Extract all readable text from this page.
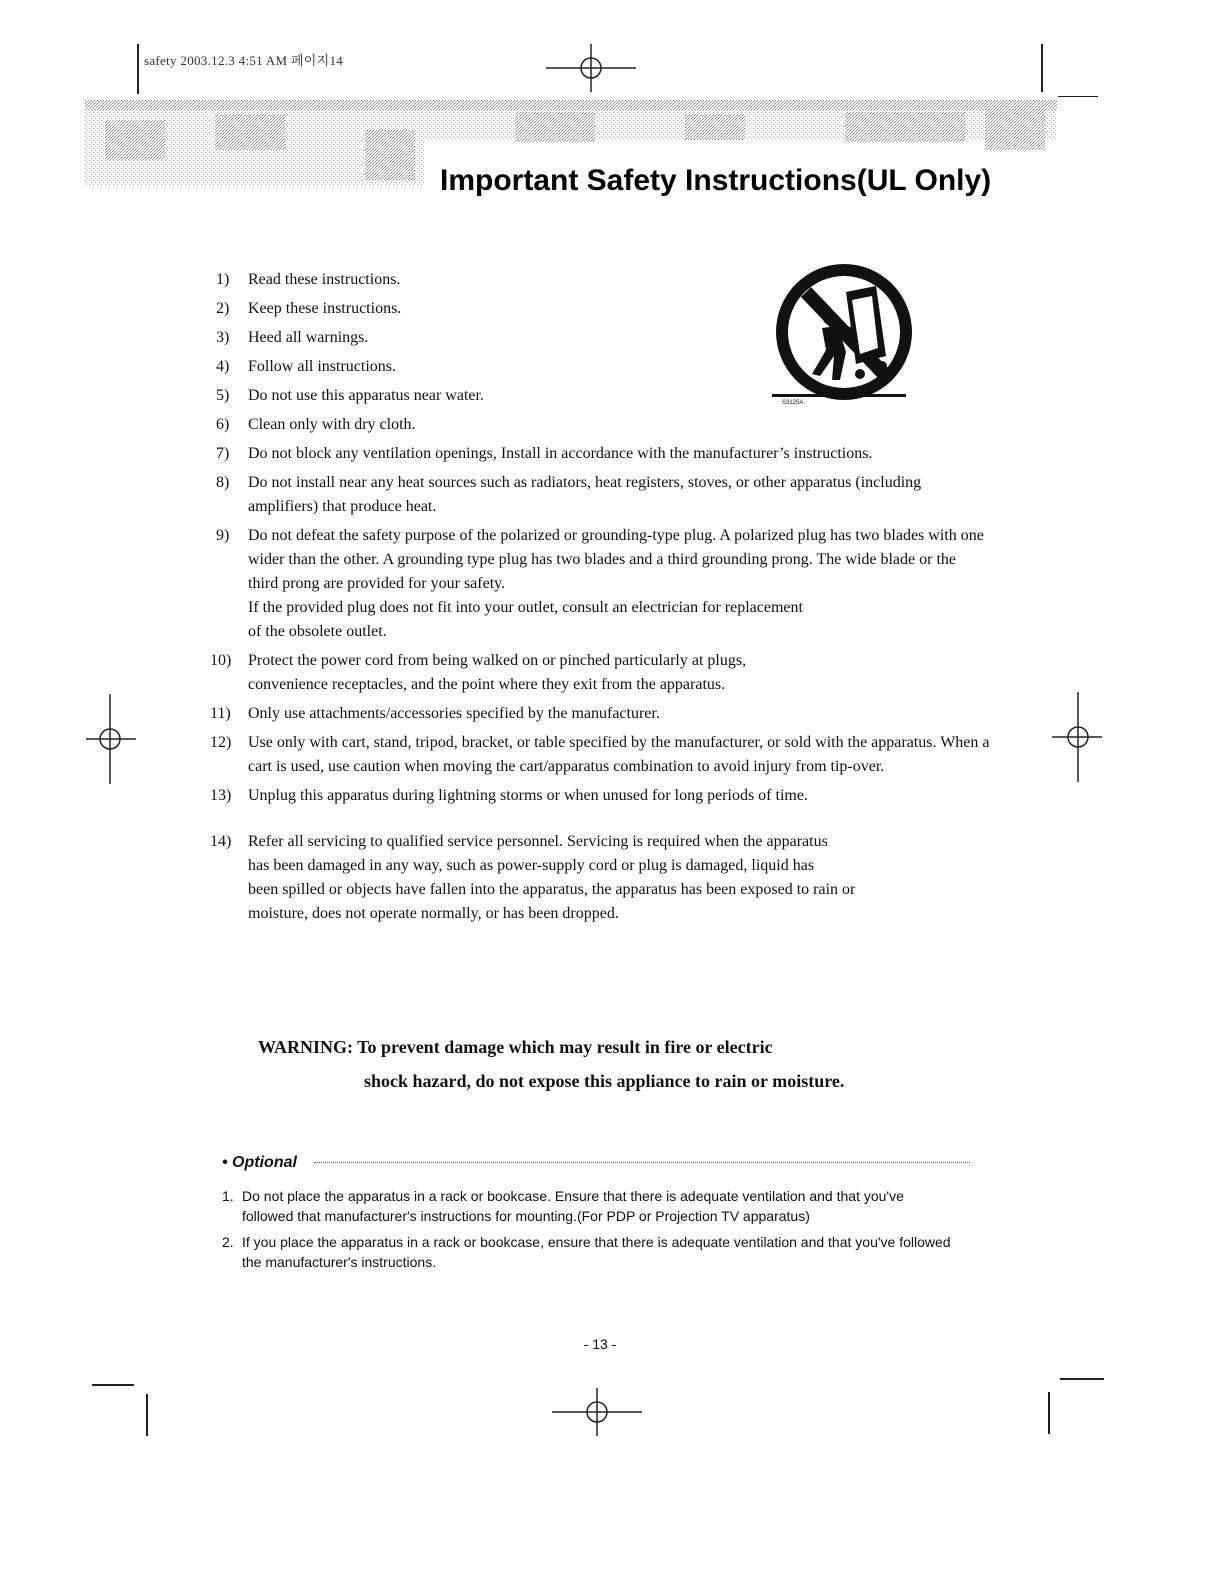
safety 2003.12.3 4:51 AM 페이지14
Important Safety Instructions(UL Only)
S3125A
1) Read these instructions.
2) Keep these instructions.
3) Heed all warnings.
4) Follow all instructions.
5) Do not use this apparatus near water.
6) Clean only with dry cloth.
7) Do not block any ventilation openings, Install in accordance with the manufacturer’s instructions.
8) Do not install near any heat sources such as radiators, heat registers, stoves, or other apparatus (including amplifiers) that produce heat.
9) Do not defeat the safety purpose of the polarized or grounding-type plug. A polarized plug has two blades with one wider than the other. A grounding type plug has two blades and a third grounding prong. The wide blade or the third prong are provided for your safety.
If the provided plug does not fit into your outlet, consult an electrician for replacement
of the obsolete outlet.
10) Protect the power cord from being walked on or pinched particularly at plugs,
convenience receptacles, and the point where they exit from the apparatus.
11) Only use attachments/accessories specified by the manufacturer.
12) Use only with cart, stand, tripod, bracket, or table specified by the manufacturer, or sold with the apparatus. When a cart is used, use caution when moving the cart/apparatus combination to avoid injury from tip-over.
13) Unplug this apparatus during lightning storms or when unused for long periods of time.
14) Refer all servicing to qualified service personnel. Servicing is required when the apparatus
has been damaged in any way, such as power-supply cord or plug is damaged, liquid has
been spilled or objects have fallen into the apparatus, the apparatus has been exposed to rain or
moisture, does not operate normally, or has been dropped.
WARNING: To prevent damage which may result in fire or electric
shock hazard, do not expose this appliance to rain or moisture.
• Optional
1. Do not place the apparatus in a rack or bookcase. Ensure that there is adequate ventilation and that you've followed that manufacturer's instructions for mounting.(For PDP or Projection TV apparatus)
2. If you place the apparatus in a rack or bookcase, ensure that there is adequate ventilation and that you've followed the manufacturer's instructions.
- 13 -
